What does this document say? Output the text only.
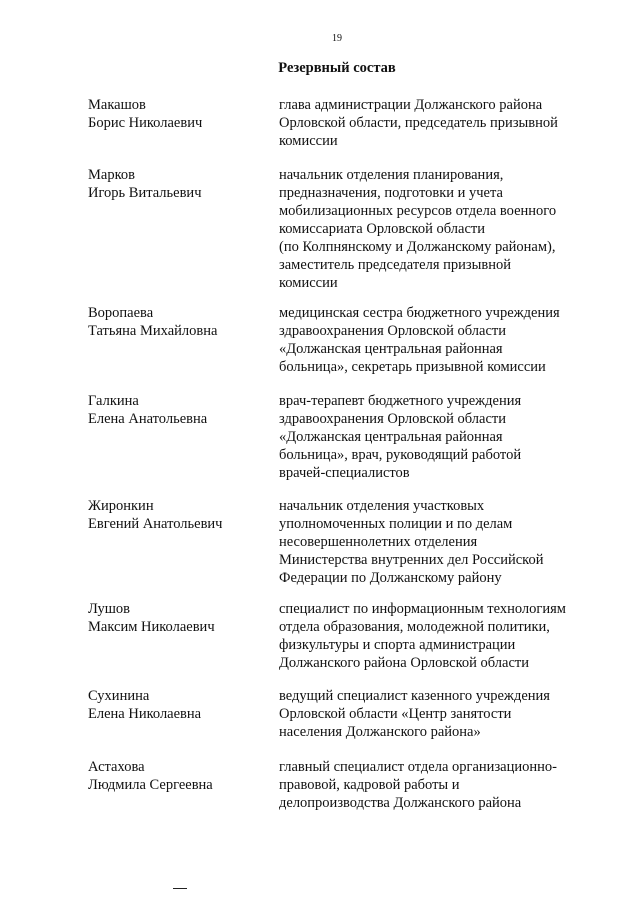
19
Резервный состав
Макашов
Борис Николаевич
глава администрации Должанского района
Орловской области, председатель призывной
комиссии
Марков
Игорь Витальевич
начальник отделения планирования,
предназначения, подготовки и учета
мобилизационных ресурсов отдела военного
комиссариата Орловской области
(по Колпнянскому и Должанскому районам),
заместитель председателя призывной
комиссии
Воропаева
Татьяна Михайловна
медицинская сестра бюджетного учреждения
здравоохранения Орловской области
«Должанская центральная районная
больница», секретарь призывной комиссии
Галкина
Елена Анатольевна
врач-терапевт бюджетного учреждения
здравоохранения Орловской области
«Должанская центральная районная
больница», врач, руководящий работой
врачей-специалистов
Жиронкин
Евгений Анатольевич
начальник отделения участковых
уполномоченных полиции и по делам
несовершеннолетних отделения
Министерства внутренних дел Российской
Федерации по Должанскому району
Лушов
Максим Николаевич
специалист по информационным технологиям
отдела образования, молодежной политики,
физкультуры и спорта администрации
Должанского района Орловской области
Сухинина
Елена Николаевна
ведущий специалист казенного учреждения
Орловской области «Центр занятости
населения Должанского района»
Астахова
Людмила Сергеевна
главный специалист отдела организационно-
правовой, кадровой работы и
делопроизводства Должанского района
